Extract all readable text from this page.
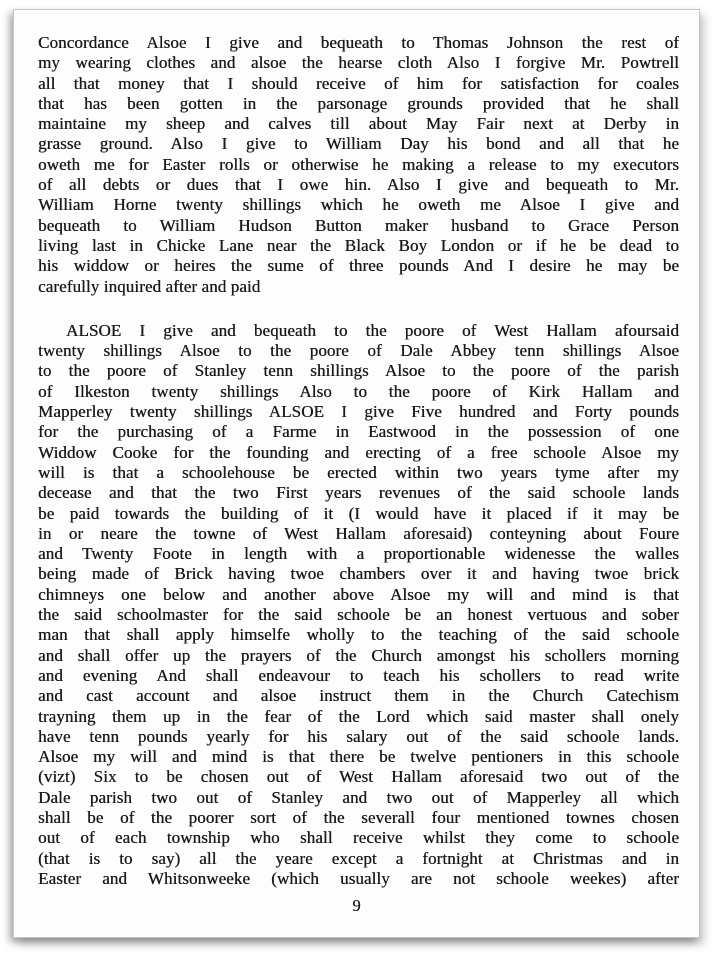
Concordance Alsoe I give and bequeath to Thomas Johnson the rest of
my wearing clothes and alsoe the hearse cloth Also I forgive Mr. Powtrell
all that money that I should receive of him for satisfaction for coales
that has been gotten in the parsonage grounds provided that he shall
maintaine my sheep and calves till about May Fair next at Derby in
grasse ground. Also I give to William Day his bond and all that he
oweth me for Easter rolls or otherwise he making a release to my executors
of all debts or dues that I owe hin. Also I give and bequeath to Mr.
William Horne twenty shillings which he oweth me Alsoe I give and
bequeath to William Hudson Button maker husband to Grace Person
living last in Chicke Lane near the Black Boy London or if he be dead to
his widdow or heires the sume of three pounds And I desire he may be
carefully inquired after and paid
ALSOE I give and bequeath to the poore of West Hallam afoursaid
twenty shillings Alsoe to the poore of Dale Abbey tenn shillings Alsoe
to the poore of Stanley tenn shillings Alsoe to the poore of the parish
of Ilkeston twenty shillings Also to the poore of Kirk Hallam and
Mapperley twenty shillings ALSOE I give Five hundred and Forty pounds
for the purchasing of a Farme in Eastwood in the possession of one
Widdow Cooke for the founding and erecting of a free schoole Alsoe my
will is that a schoolehouse be erected within two years tyme after my
decease and that the two First years revenues of the said schoole lands
be paid towards the building of it (I would have it placed if it may be
in or neare the towne of West Hallam aforesaid) conteyning about Foure
and Twenty Foote in length with a proportionable widenesse the walles
being made of Brick having twoe chambers over it and having twoe brick
chimneys one below and another above Alsoe my will and mind is that
the said schoolmaster for the said schoole be an honest vertuous and sober
man that shall apply himselfe wholly to the teaching of the said schoole
and shall offer up the prayers of the Church amongst his schollers morning
and evening And shall endeavour to teach his schollers to read write
and cast account and alsoe instruct them in the Church Catechism
trayning them up in the fear of the Lord which said master shall onely
have tenn pounds yearly for his salary out of the said schoole lands.
Alsoe my will and mind is that there be twelve pentioners in this schoole
(vizt) Six to be chosen out of West Hallam aforesaid two out of the
Dale parish two out of Stanley and two out of Mapperley all which
shall be of the poorer sort of the severall four mentioned townes chosen
out of each township who shall receive whilst they come to schoole
(that is to say) all the yeare except a fortnight at Christmas and in
Easter and Whitsonweeke (which usually are not schoole weekes) after
9
